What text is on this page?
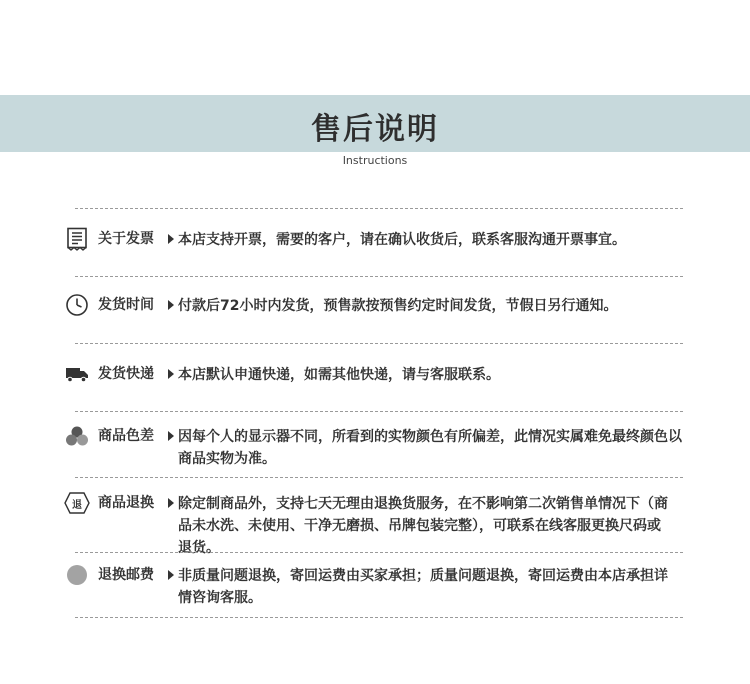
售后说明
Instructions
关于发票 本店支持开票，需要的客户，请在确认收货后，联系客服沟通开票事宜。
发货时间 付款后72小时内发货，预售款按预售约定时间发货，节假日另行通知。
发货快递 本店默认申通快递，如需其他快递，请与客服联系。
商品色差 因每个人的显示器不同，所看到的实物颜色有所偏差，此情况实属难免最终颜色以商品实物为准。
退	商品退换 除定制商品外，支持七天无理由退换货服务，在不影响第二次销售单情况下（商品未水洗、未使用、干净无磨损、吊牌包装完整），可联系在线客服更换尺码或退货。
退换邮费 非质量问题退换，寄回运费由买家承担；质量问题退换，寄回运费由本店承担详情咨询客服。
